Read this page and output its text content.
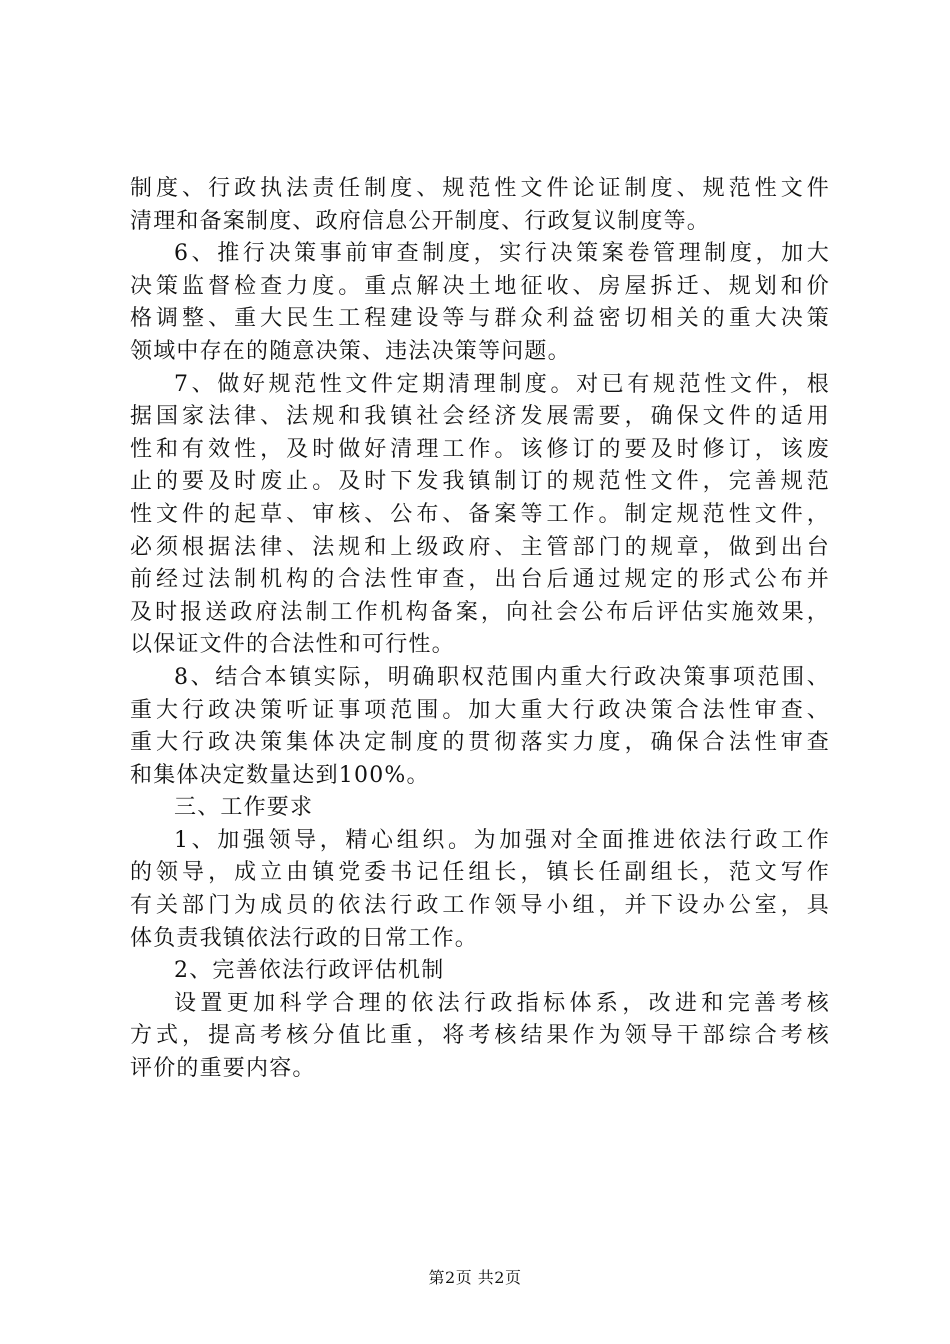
制度、行政执法责任制度、规范性文件论证制度、规范性文件
清理和备案制度、政府信息公开制度、行政复议制度等。
6、推行决策事前审查制度，实行决策案卷管理制度，加大
决策监督检查力度。重点解决土地征收、房屋拆迁、规划和价
格调整、重大民生工程建设等与群众利益密切相关的重大决策
领域中存在的随意决策、违法决策等问题。
7、做好规范性文件定期清理制度。对已有规范性文件，根
据国家法律、法规和我镇社会经济发展需要，确保文件的适用
性和有效性，及时做好清理工作。该修订的要及时修订，该废
止的要及时废止。及时下发我镇制订的规范性文件，完善规范
性文件的起草、审核、公布、备案等工作。制定规范性文件，
必须根据法律、法规和上级政府、主管部门的规章，做到出台
前经过法制机构的合法性审查，出台后通过规定的形式公布并
及时报送政府法制工作机构备案，向社会公布后评估实施效果，
以保证文件的合法性和可行性。
8、结合本镇实际，明确职权范围内重大行政决策事项范围、
重大行政决策听证事项范围。加大重大行政决策合法性审查、
重大行政决策集体决定制度的贯彻落实力度，确保合法性审查
和集体决定数量达到100%。
三、工作要求
1、加强领导，精心组织。为加强对全面推进依法行政工作
的领导，成立由镇党委书记任组长，镇长任副组长，范文写作
有关部门为成员的依法行政工作领导小组，并下设办公室，具
体负责我镇依法行政的日常工作。
2、完善依法行政评估机制
设置更加科学合理的依法行政指标体系，改进和完善考核
方式，提高考核分值比重，将考核结果作为领导干部综合考核
评价的重要内容。
第2页 共2页
